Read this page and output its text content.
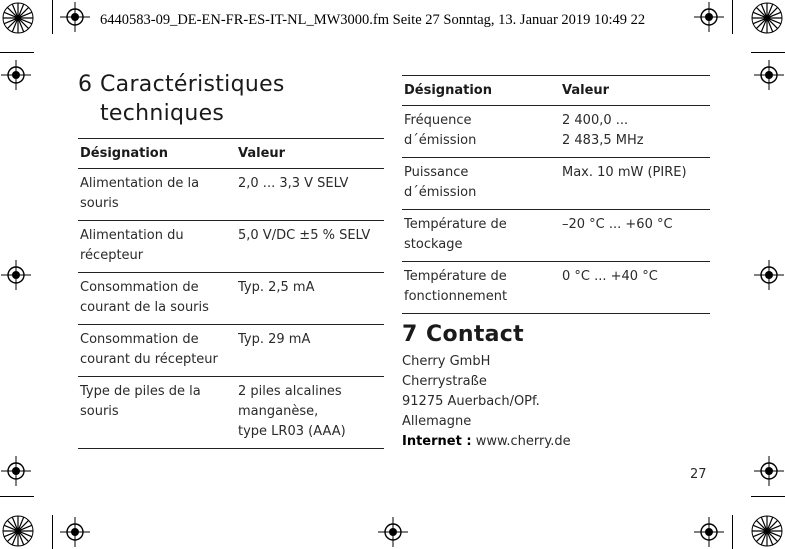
6440583-09_DE-EN-FR-ES-IT-NL_MW3000.fm Seite 27 Sonntag, 13. Januar 2019 10:49 22
6 Caractéristiques
techniques
Désignation	Valeur
Alimentation de la
souris	2,0 ... 3,3 V SELV
Alimentation du
récepteur	5,0 V/DC ±5 % SELV
Consommation de
courant de la souris	Typ. 2,5 mA
Consommation de
courant du récepteur	Typ. 29 mA
Type de piles de la
souris	2 piles alcalines
manganèse,
type LR03 (AAA)
Désignation	Valeur
Fréquence
d´émission	2 400,0 ...
2 483,5 MHz
Puissance
d´émission	Max. 10 mW (PIRE)
Température de
stockage	–20 °C ... +60 °C
Température de
fonctionnement	0 °C ... +40 °C
7 Contact
Cherry GmbH
Cherrystraße
91275 Auerbach/OPf.
Allemagne
Internet : www.cherry.de
27
